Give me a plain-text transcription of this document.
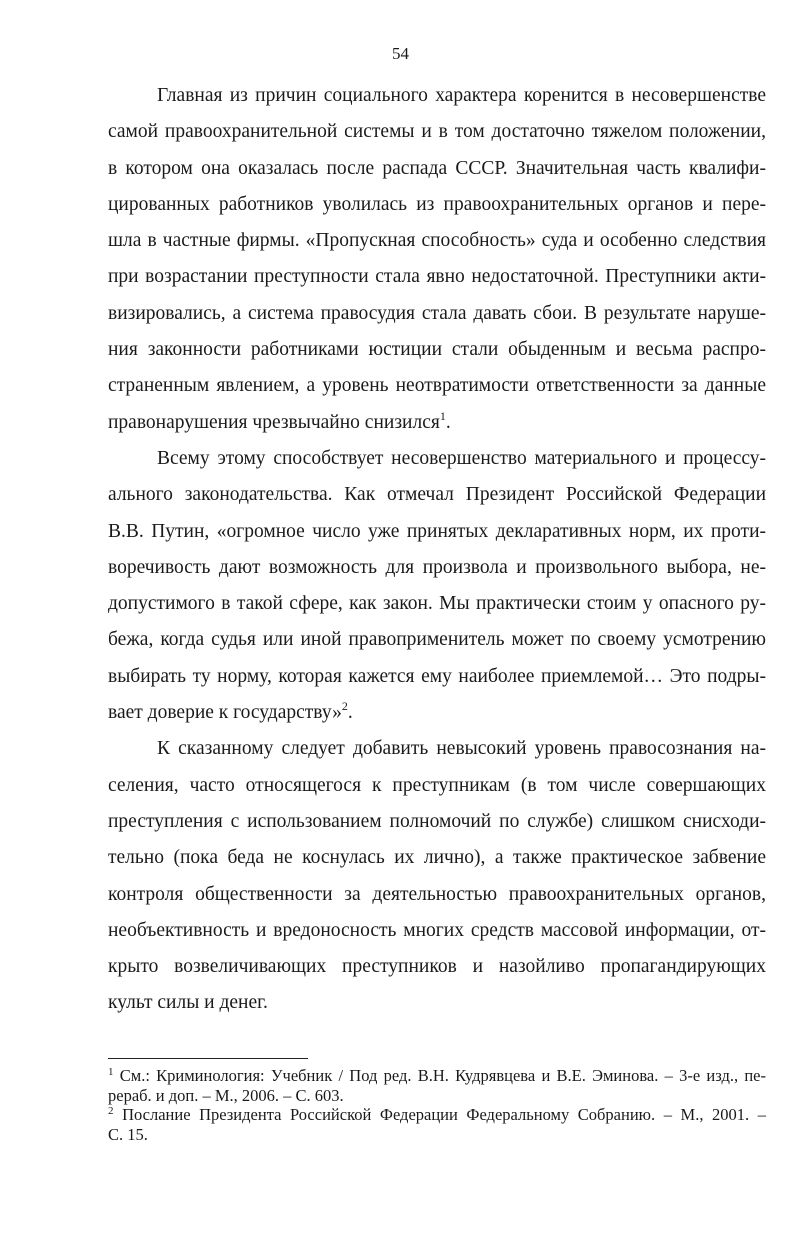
54

Главная из причин социального характера коренится в несовершенстве
самой правоохранительной системы и в том достаточно тяжелом положении,
в котором она оказалась после распада СССР. Значительная часть квалифи-
цированных работников уволилась из правоохранительных органов и пере-
шла в частные фирмы. «Пропускная способность» суда и особенно следствия
при возрастании преступности стала явно недостаточной. Преступники акти-
визировались, а система правосудия стала давать сбои. В результате наруше-
ния законности работниками юстиции стали обыденным и весьма распро-
страненным явлением, а уровень неотвратимости ответственности за данные
правонарушения чрезвычайно снизился$^1$.

Всему этому способствует несовершенство материального и процессу-
ального законодательства. Как отмечал Президент Российской Федерации
В.В. Путин, «огромное число уже принятых декларативных норм, их проти-
воречивость дают возможность для произвола и произвольного выбора, не-
допустимого в такой сфере, как закон. Мы практически стоим у опасного ру-
бежа, когда судья или иной правоприменитель может по своему усмотрению
выбирать ту норму, которая кажется ему наиболее приемлемой… Это подры-
вает доверие к государству»$^2$.

К сказанному следует добавить невысокий уровень правосознания на-
селения, часто относящегося к преступникам (в том числе совершающих
преступления с использованием полномочий по службе) слишком снисходи-
тельно (пока беда не коснулась их лично), а также практическое забвение
контроля общественности за деятельностью правоохранительных органов,
необъективность и вредоносность многих средств массовой информации, от-
крыто возвеличивающих преступников и назойливо пропагандирующих
культ силы и денег.

$^1$ См.: Криминология: Учебник / Под ред. В.Н. Кудрявцева и В.Е. Эминова. – 3-е изд., пе-
рераб. и доп. – М., 2006. – С. 603.
$^2$ Послание Президента Российской Федерации Федеральному Собранию. – М., 2001. –
С. 15.
